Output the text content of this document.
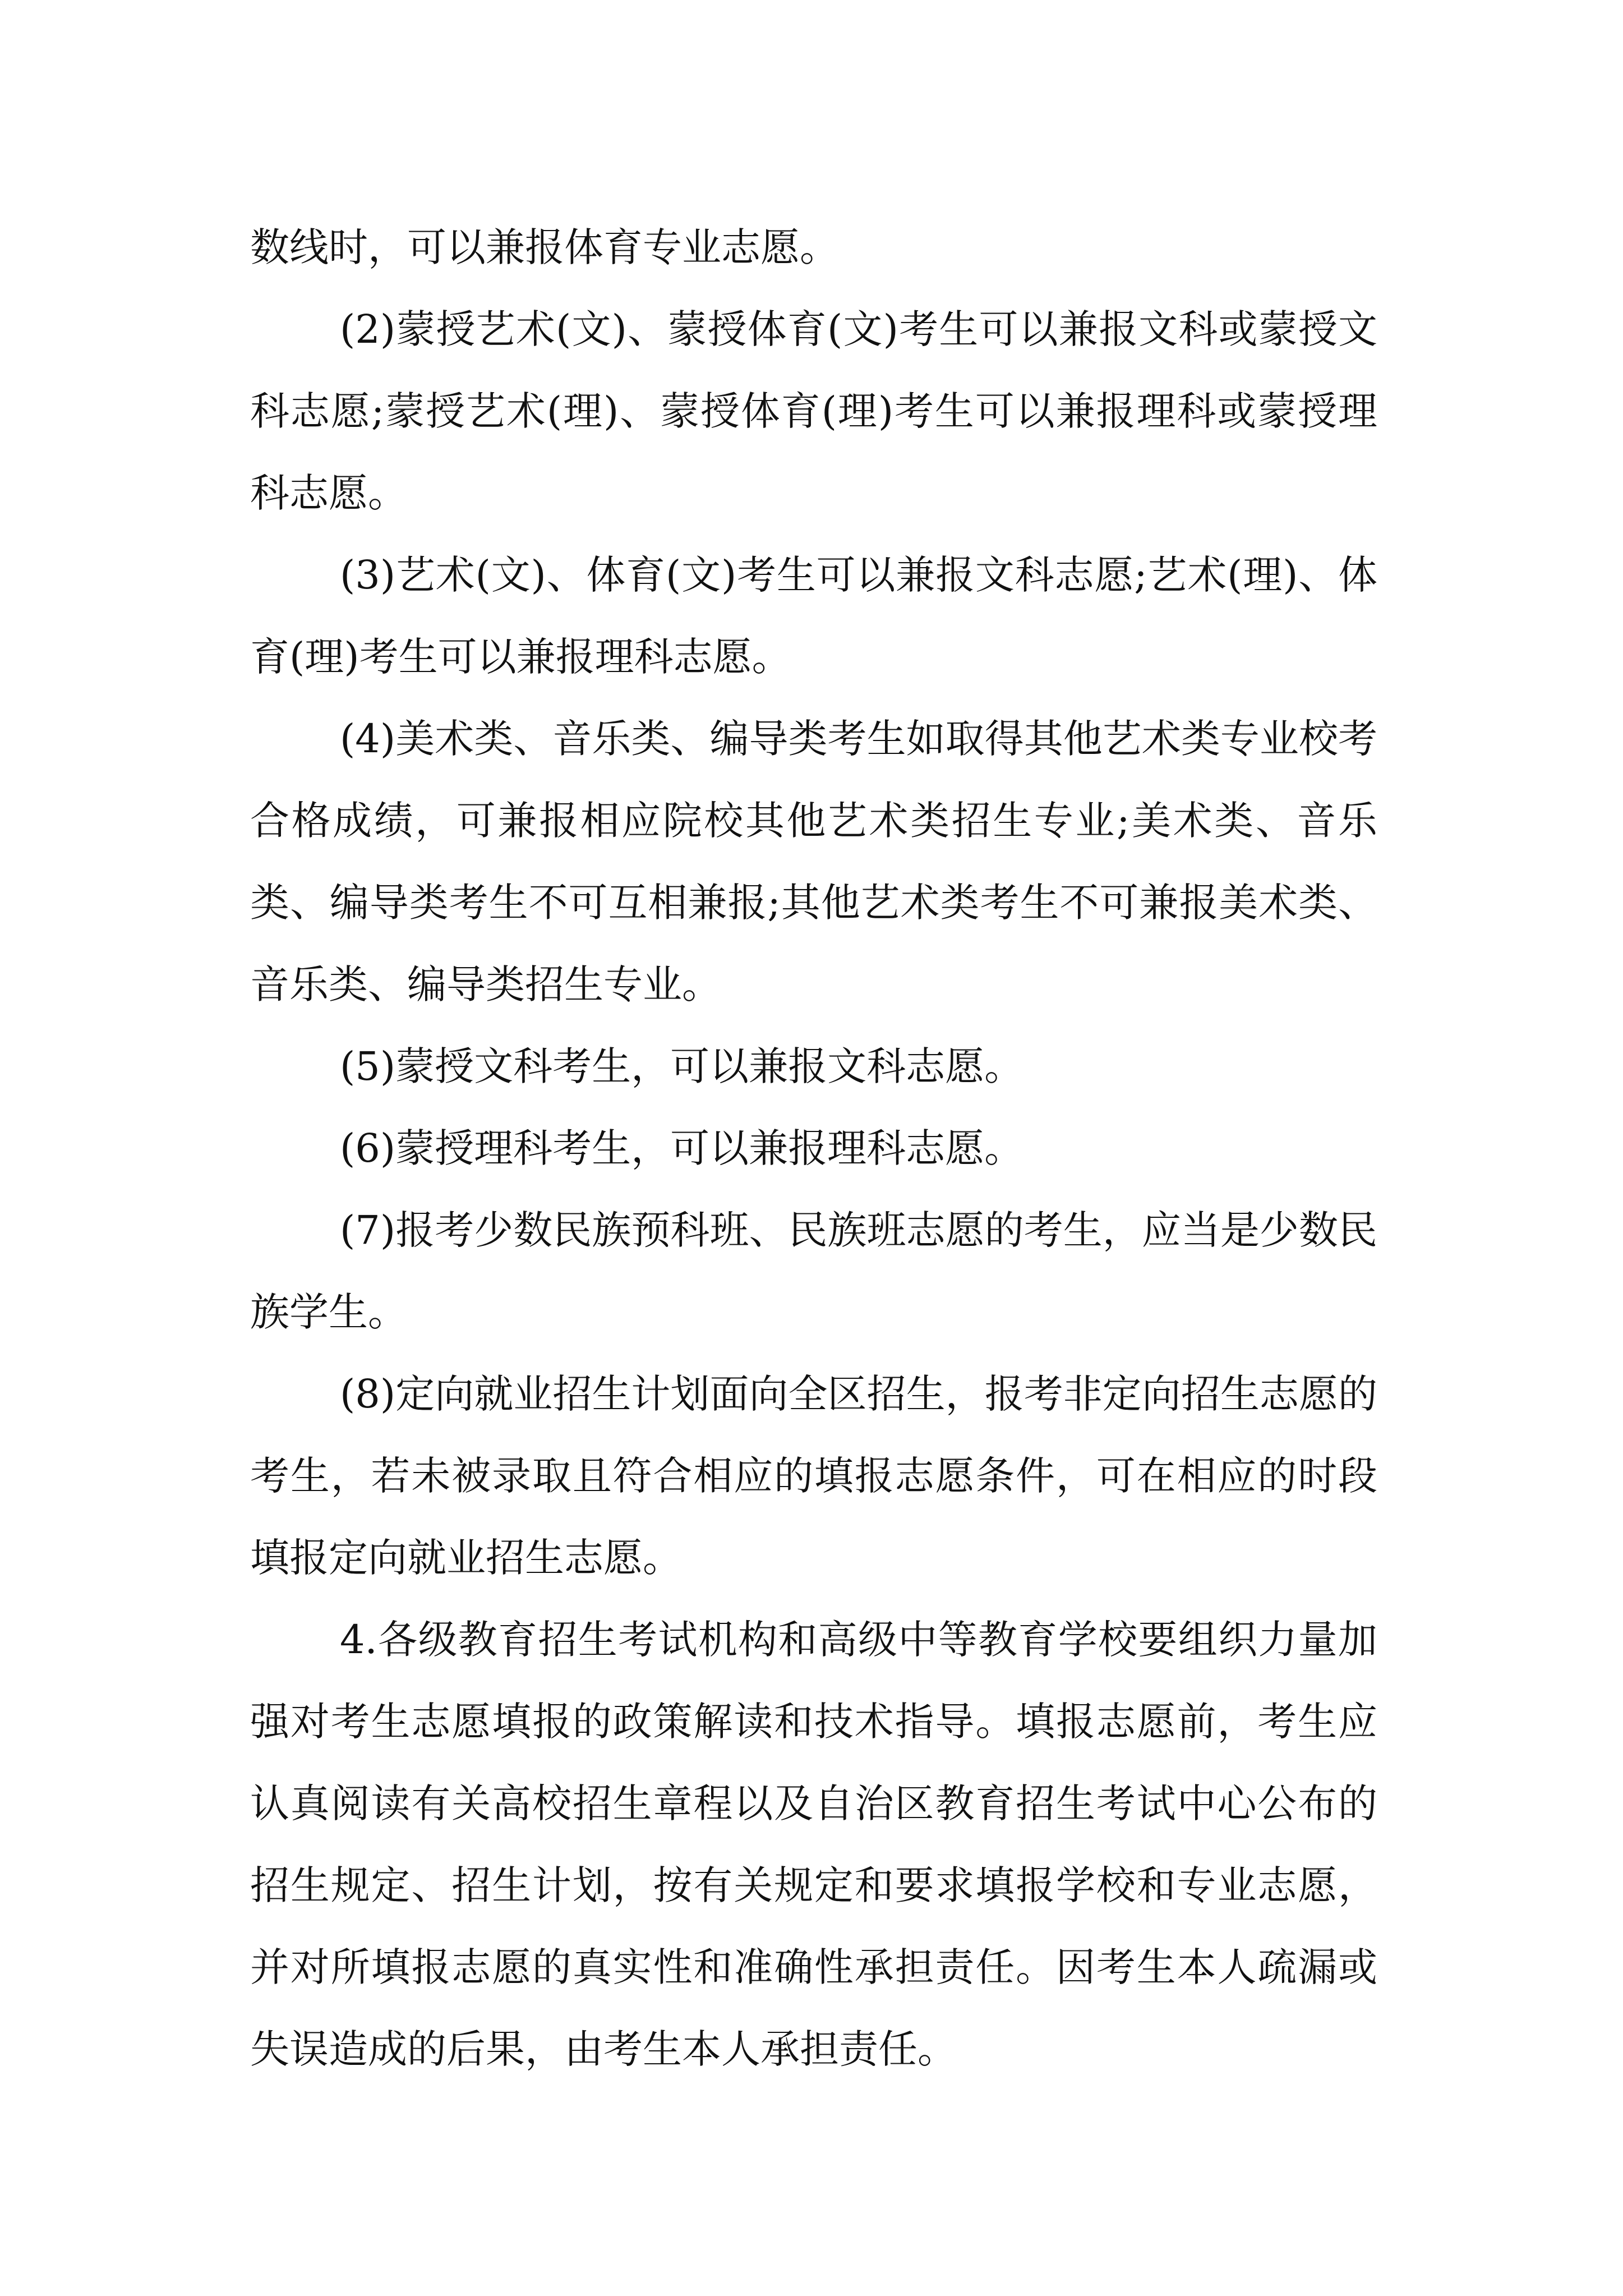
数线时，可以兼报体育专业志愿。

(2)蒙授艺术(文)、蒙授体育(文)考生可以兼报文科或蒙授文科志愿;蒙授艺术(理)、蒙授体育(理)考生可以兼报理科或蒙授理科志愿。

(3)艺术(文)、体育(文)考生可以兼报文科志愿;艺术(理)、体育(理)考生可以兼报理科志愿。

(4)美术类、音乐类、编导类考生如取得其他艺术类专业校考合格成绩，可兼报相应院校其他艺术类招生专业;美术类、音乐类、编导类考生不可互相兼报;其他艺术类考生不可兼报美术类、音乐类、编导类招生专业。

(5)蒙授文科考生，可以兼报文科志愿。

(6)蒙授理科考生，可以兼报理科志愿。

(7)报考少数民族预科班、民族班志愿的考生，应当是少数民族学生。

(8)定向就业招生计划面向全区招生，报考非定向招生志愿的考生，若未被录取且符合相应的填报志愿条件，可在相应的时段填报定向就业招生志愿。

4.各级教育招生考试机构和高级中等教育学校要组织力量加强对考生志愿填报的政策解读和技术指导。填报志愿前，考生应认真阅读有关高校招生章程以及自治区教育招生考试中心公布的招生规定、招生计划，按有关规定和要求填报学校和专业志愿，并对所填报志愿的真实性和准确性承担责任。因考生本人疏漏或失误造成的后果，由考生本人承担责任。
